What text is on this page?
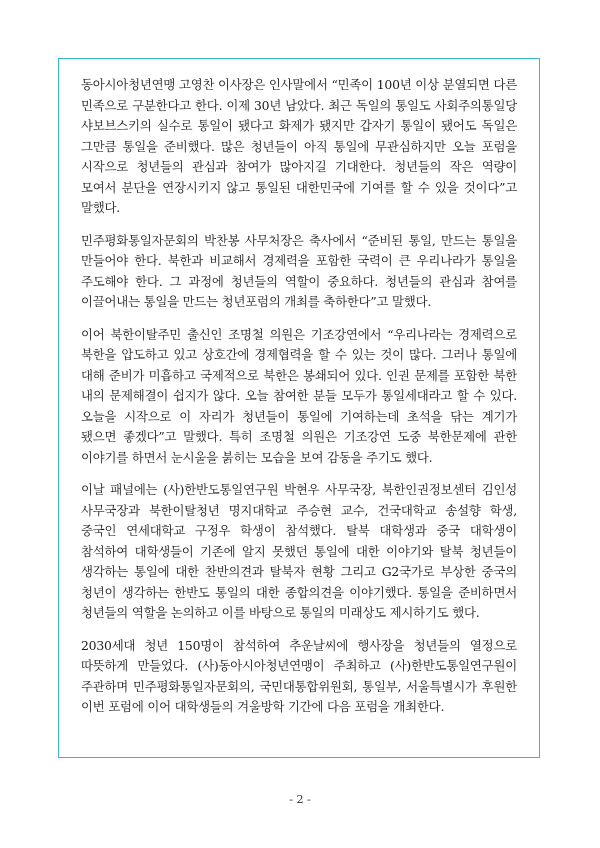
동아시아청년연맹 고영찬 이사장은 인사말에서 “민족이 100년 이상 분열되면 다른 민족으로 구분한다고 한다. 이제 30년 남았다. 최근 독일의 통일도 사회주의통일당 샤보브스키의 실수로 통일이 됐다고 화제가 됐지만 갑자기 통일이 됐어도 독일은 그만큼 통일을 준비했다. 많은 청년들이 아직 통일에 무관심하지만 오늘 포럼을 시작으로 청년들의 관심과 참여가 많아지길 기대한다. 청년들의 작은 역량이 모여서 분단을 연장시키지 않고 통일된 대한민국에 기여를 할 수 있을 것이다”고 말했다.

민주평화통일자문회의 박찬봉 사무처장은 축사에서 “준비된 통일, 만드는 통일을 만들어야 한다. 북한과 비교해서 경제력을 포함한 국력이 큰 우리나라가 통일을 주도해야 한다. 그 과정에 청년들의 역할이 중요하다. 청년들의 관심과 참여를 이끌어내는 통일을 만드는 청년포럼의 개최를 축하한다”고 말했다.

이어 북한이탈주민 출신인 조명철 의원은 기조강연에서 “우리나라는 경제력으로 북한을 압도하고 있고 상호간에 경제협력을 할 수 있는 것이 많다. 그러나 통일에 대해 준비가 미흡하고 국제적으로 북한은 봉쇄되어 있다. 인권 문제를 포함한 북한 내의 문제해결이 쉽지가 않다. 오늘 참여한 분들 모두가 통일세대라고 할 수 있다. 오늘을 시작으로 이 자리가 청년들이 통일에 기여하는데 초석을 닦는 계기가 됐으면 좋겠다”고 말했다. 특히 조명철 의원은 기조강연 도중 북한문제에 관한 이야기를 하면서 눈시울을 붉히는 모습을 보여 감동을 주기도 했다.

이날 패널에는 (사)한반도통일연구원 박현우 사무국장, 북한인권정보센터 김인성 사무국장과 북한이탈청년 명지대학교 주승현 교수, 건국대학교 송설향 학생, 중국인 연세대학교 구정우 학생이 참석했다. 탈북 대학생과 중국 대학생이 참석하여 대학생들이 기존에 알지 못했던 통일에 대한 이야기와 탈북 청년들이 생각하는 통일에 대한 찬반의견과 탈북자 현황 그리고 G2국가로 부상한 중국의 청년이 생각하는 한반도 통일의 대한 종합의견을 이야기했다. 통일을 준비하면서 청년들의 역할을 논의하고 이를 바탕으로 통일의 미래상도 제시하기도 했다.

2030세대 청년 150명이 참석하여 추운날씨에 행사장을 청년들의 열정으로 따뜻하게 만들었다. (사)동아시아청년연맹이 주최하고 (사)한반도통일연구원이 주관하며 민주평화통일자문회의, 국민대통합위원회, 통일부, 서울특별시가 후원한 이번 포럼에 이어 대학생들의 겨울방학 기간에 다음 포럼을 개최한다.

- 2 -
